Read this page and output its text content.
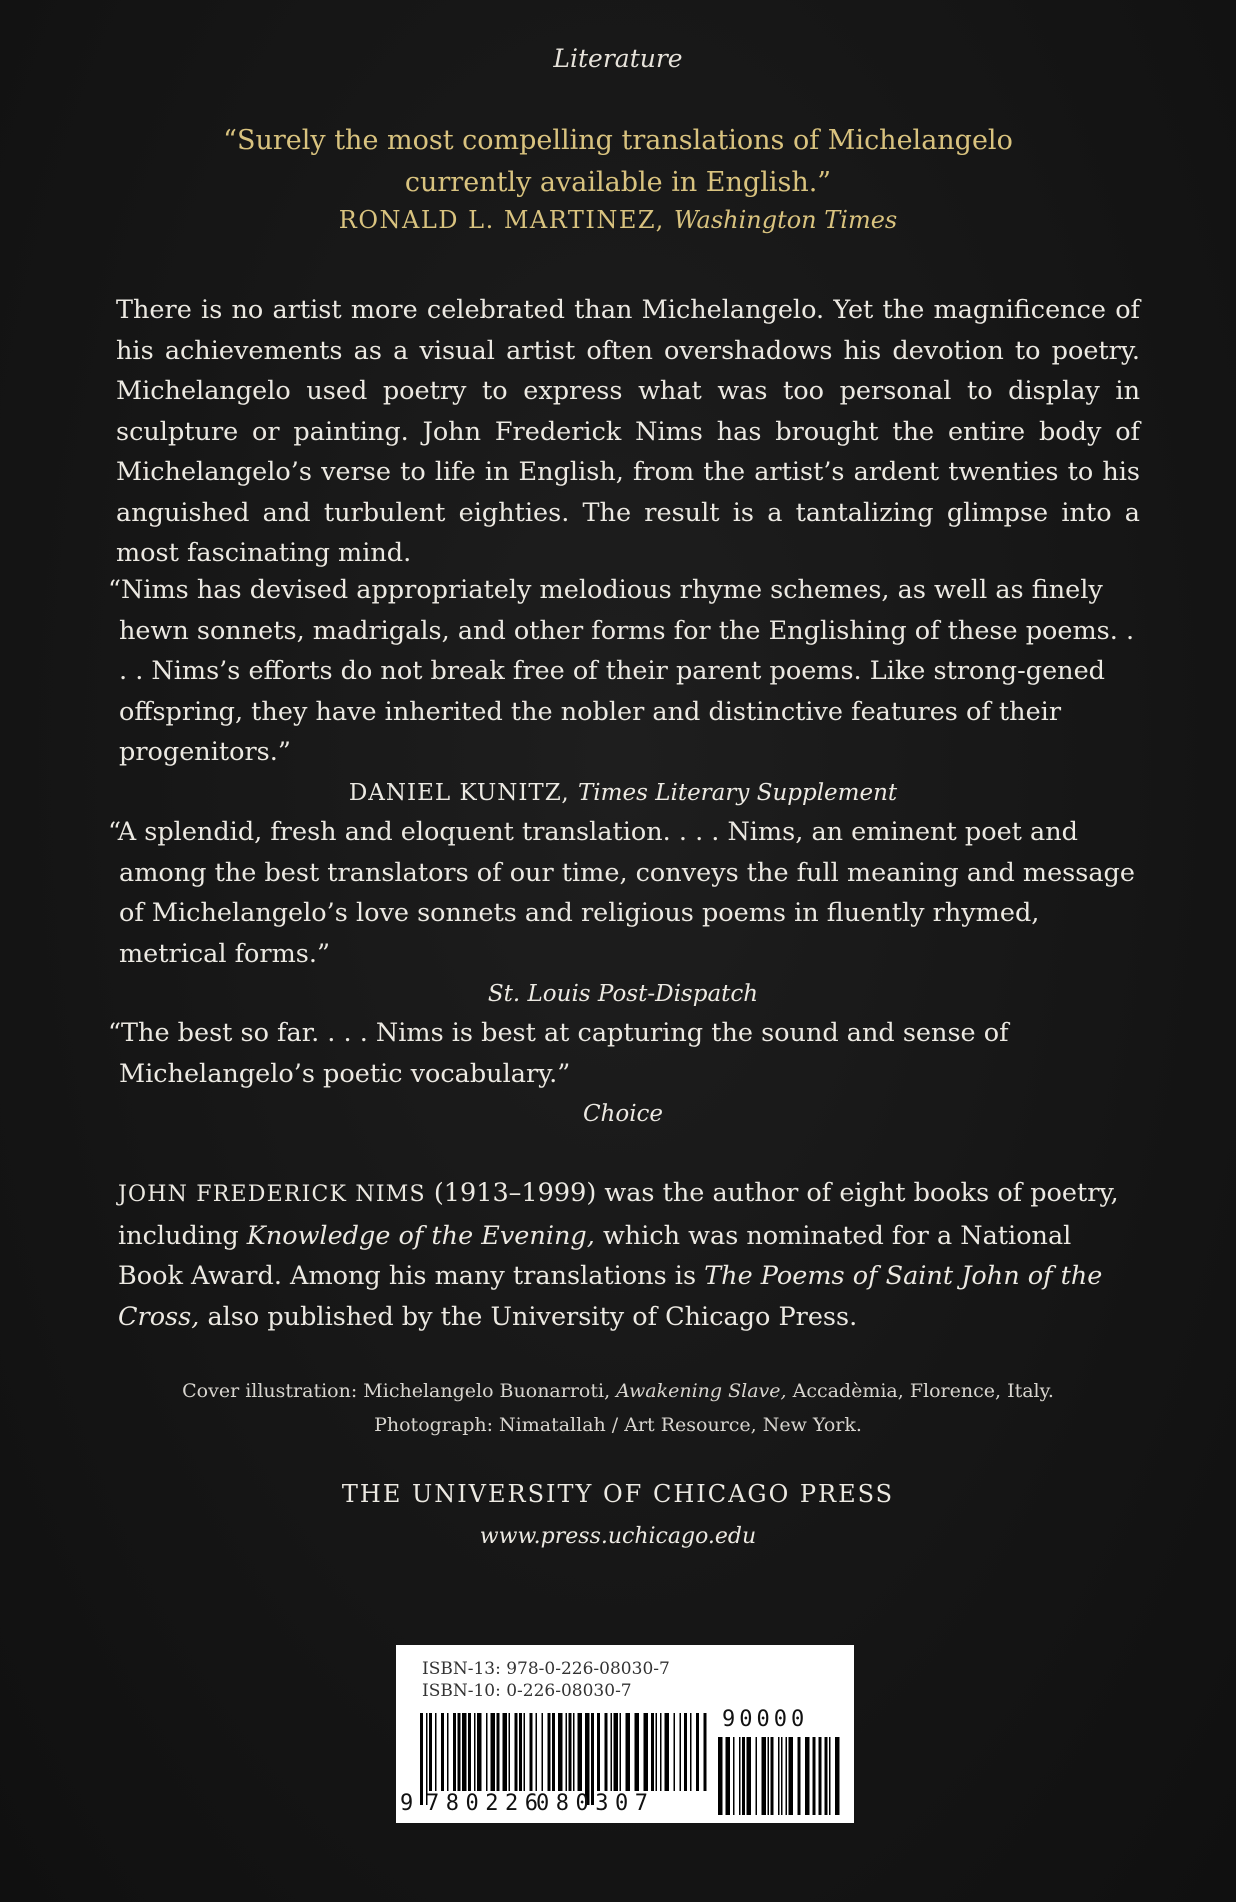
Literature
“Surely the most compelling translations of Michelangelo
currently available in English.”
RONALD L. MARTINEZ, Washington Times
There is no artist more celebrated than Michelangelo. Yet the magnificence of his achievements as a visual artist often overshadows his devotion to poetry. Michelangelo used poetry to express what was too personal to display in sculpture or painting. John Frederick Nims has brought the entire body of Michelangelo’s verse to life in English, from the artist’s ardent twenties to his anguished and turbulent eighties. The result is a tantalizing glimpse into a most fascinating mind.
“Nims has devised appropriately melodious rhyme schemes, as well as finely hewn sonnets, madrigals, and other forms for the Englishing of these poems. . . . Nims’s efforts do not break free of their parent poems. Like strong-gened offspring, they have inherited the nobler and distinctive features of their progenitors.”
DANIEL KUNITZ, Times Literary Supplement
“A splendid, fresh and eloquent translation. . . . Nims, an eminent poet and among the best translators of our time, conveys the full meaning and message of Michelangelo’s love sonnets and religious poems in fluently rhymed, metrical forms.”
St. Louis Post-Dispatch
“The best so far. . . . Nims is best at capturing the sound and sense of Michelangelo’s poetic vocabulary.”
Choice
JOHN FREDERICK NIMS (1913–1999) was the author of eight books of poetry, including Knowledge of the Evening, which was nominated for a National Book Award. Among his many translations is The Poems of Saint John of the Cross, also published by the University of Chicago Press.
Cover illustration: Michelangelo Buonarroti, Awakening Slave, Accadèmia, Florence, Italy.
Photograph: Nimatallah / Art Resource, New York.
THE UNIVERSITY OF CHICAGO PRESS
www.press.uchicago.edu
ISBN-13: 978-0-226-08030-7
ISBN-10: 0-226-08030-7
9 780226
080307
90000
